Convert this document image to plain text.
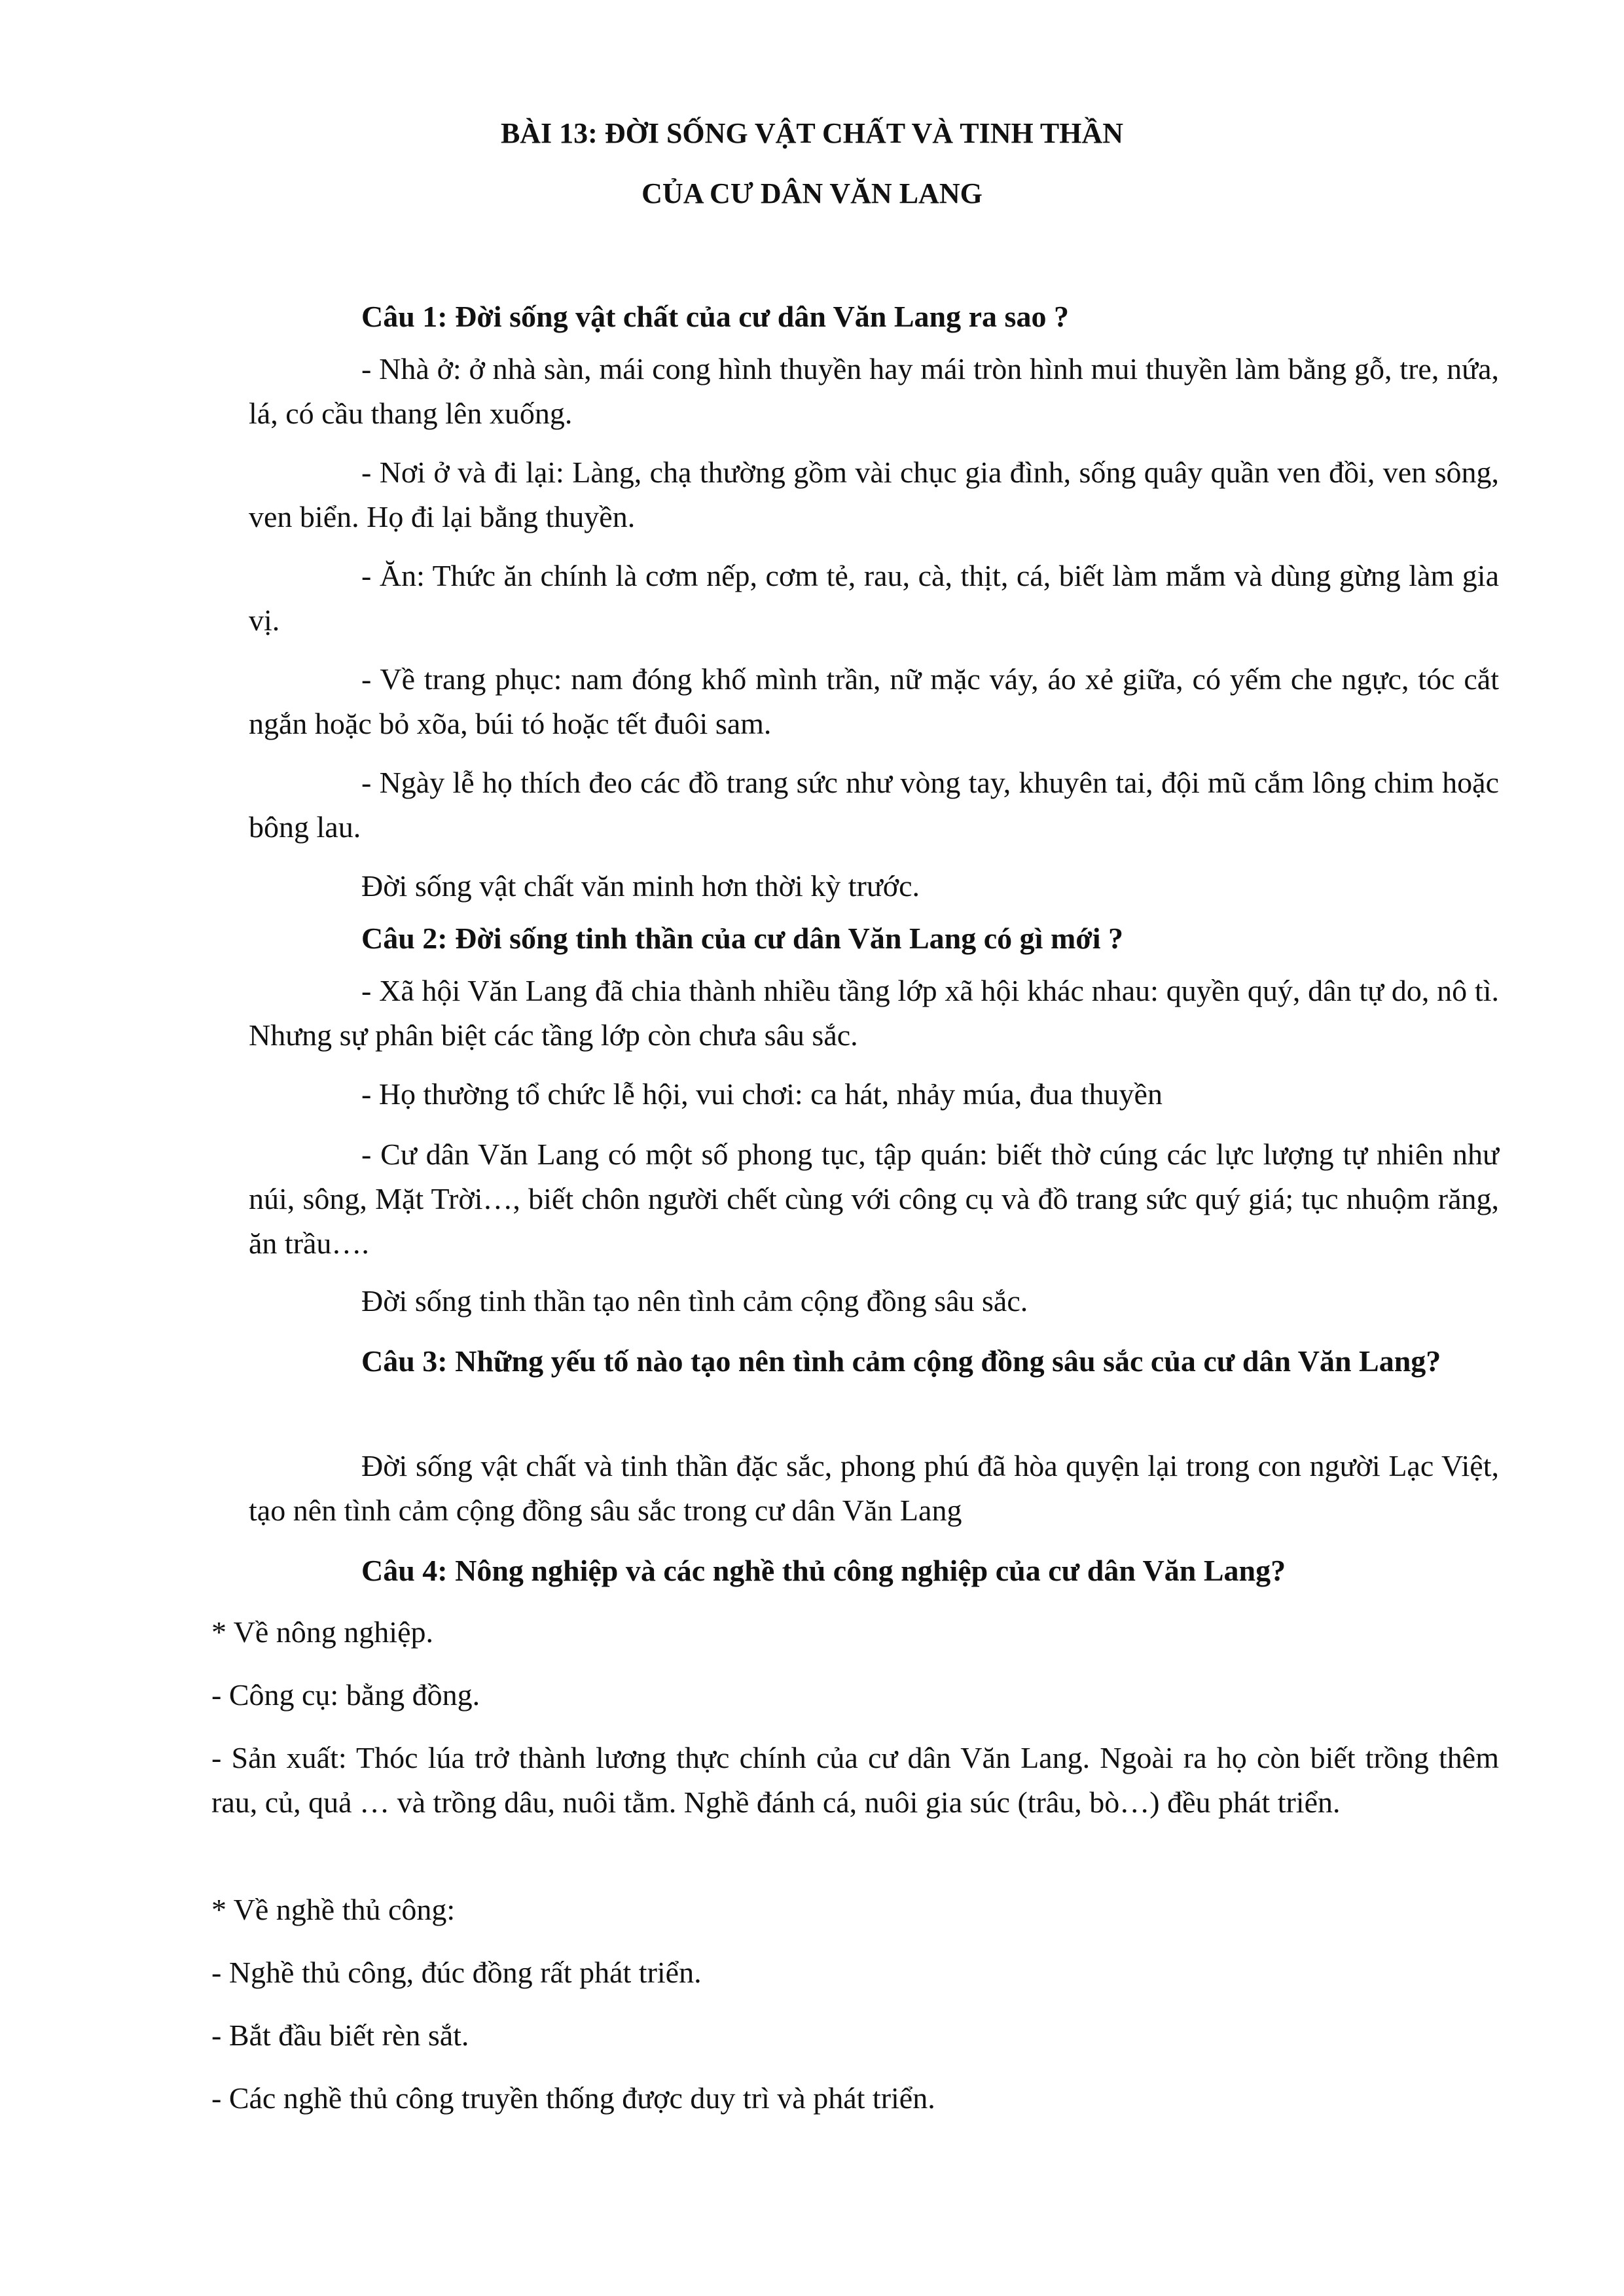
BÀI 13: ĐỜI SỐNG VẬT CHẤT VÀ TINH THẦN
CỦA CƯ DÂN VĂN LANG

Câu 1: Đời sống vật chất của cư dân Văn Lang ra sao ?

- Nhà ở: ở nhà sàn, mái cong hình thuyền hay mái tròn hình mui thuyền làm bằng gỗ, tre, nứa, lá, có cầu thang lên xuống.

- Nơi ở và đi lại: Làng, chạ thường gồm vài chục gia đình, sống quây quần ven đồi, ven sông, ven biển. Họ đi lại bằng thuyền.

- Ăn: Thức ăn chính là cơm nếp, cơm tẻ, rau, cà, thịt, cá, biết làm mắm và dùng gừng làm gia vị.

- Về trang phục: nam đóng khố mình trần, nữ mặc váy, áo xẻ giữa, có yếm che ngực, tóc cắt ngắn hoặc bỏ xõa, búi tó hoặc tết đuôi sam.

- Ngày lễ họ thích đeo các đồ trang sức như vòng tay, khuyên tai, đội mũ cắm lông chim hoặc bông lau.

Đời sống vật chất văn minh hơn thời kỳ trước.

Câu 2: Đời sống tinh thần của cư dân Văn Lang có gì mới ?

- Xã hội Văn Lang đã chia thành nhiều tầng lớp xã hội khác nhau: quyền quý, dân tự do, nô tì. Nhưng sự phân biệt các tầng lớp còn chưa sâu sắc.

- Họ thường tổ chức lễ hội, vui chơi: ca hát, nhảy múa, đua thuyền

- Cư dân Văn Lang có một số phong tục, tập quán: biết thờ cúng các lực lượng tự nhiên như núi, sông, Mặt Trời…, biết chôn người chết cùng với công cụ và đồ trang sức quý giá; tục nhuộm răng, ăn trầu….

Đời sống tinh thần tạo nên tình cảm cộng đồng sâu sắc.

Câu 3: Những yếu tố nào tạo nên tình cảm cộng đồng sâu sắc của cư dân Văn Lang?

Đời sống vật chất và tinh thần đặc sắc, phong phú đã hòa quyện lại trong con người Lạc Việt, tạo nên tình cảm cộng đồng sâu sắc trong cư dân Văn Lang

Câu 4: Nông nghiệp và các nghề thủ công nghiệp của cư dân Văn Lang?

* Về nông nghiệp.

- Công cụ: bằng đồng.

- Sản xuất: Thóc lúa trở thành lương thực chính của cư dân Văn Lang. Ngoài ra họ còn biết trồng thêm rau, củ, quả … và trồng dâu, nuôi tằm. Nghề đánh cá, nuôi gia súc (trâu, bò…) đều phát triển.

* Về nghề thủ công:

- Nghề thủ công, đúc đồng rất phát triển.

- Bắt đầu biết rèn sắt.

- Các nghề thủ công truyền thống được duy trì và phát triển.
